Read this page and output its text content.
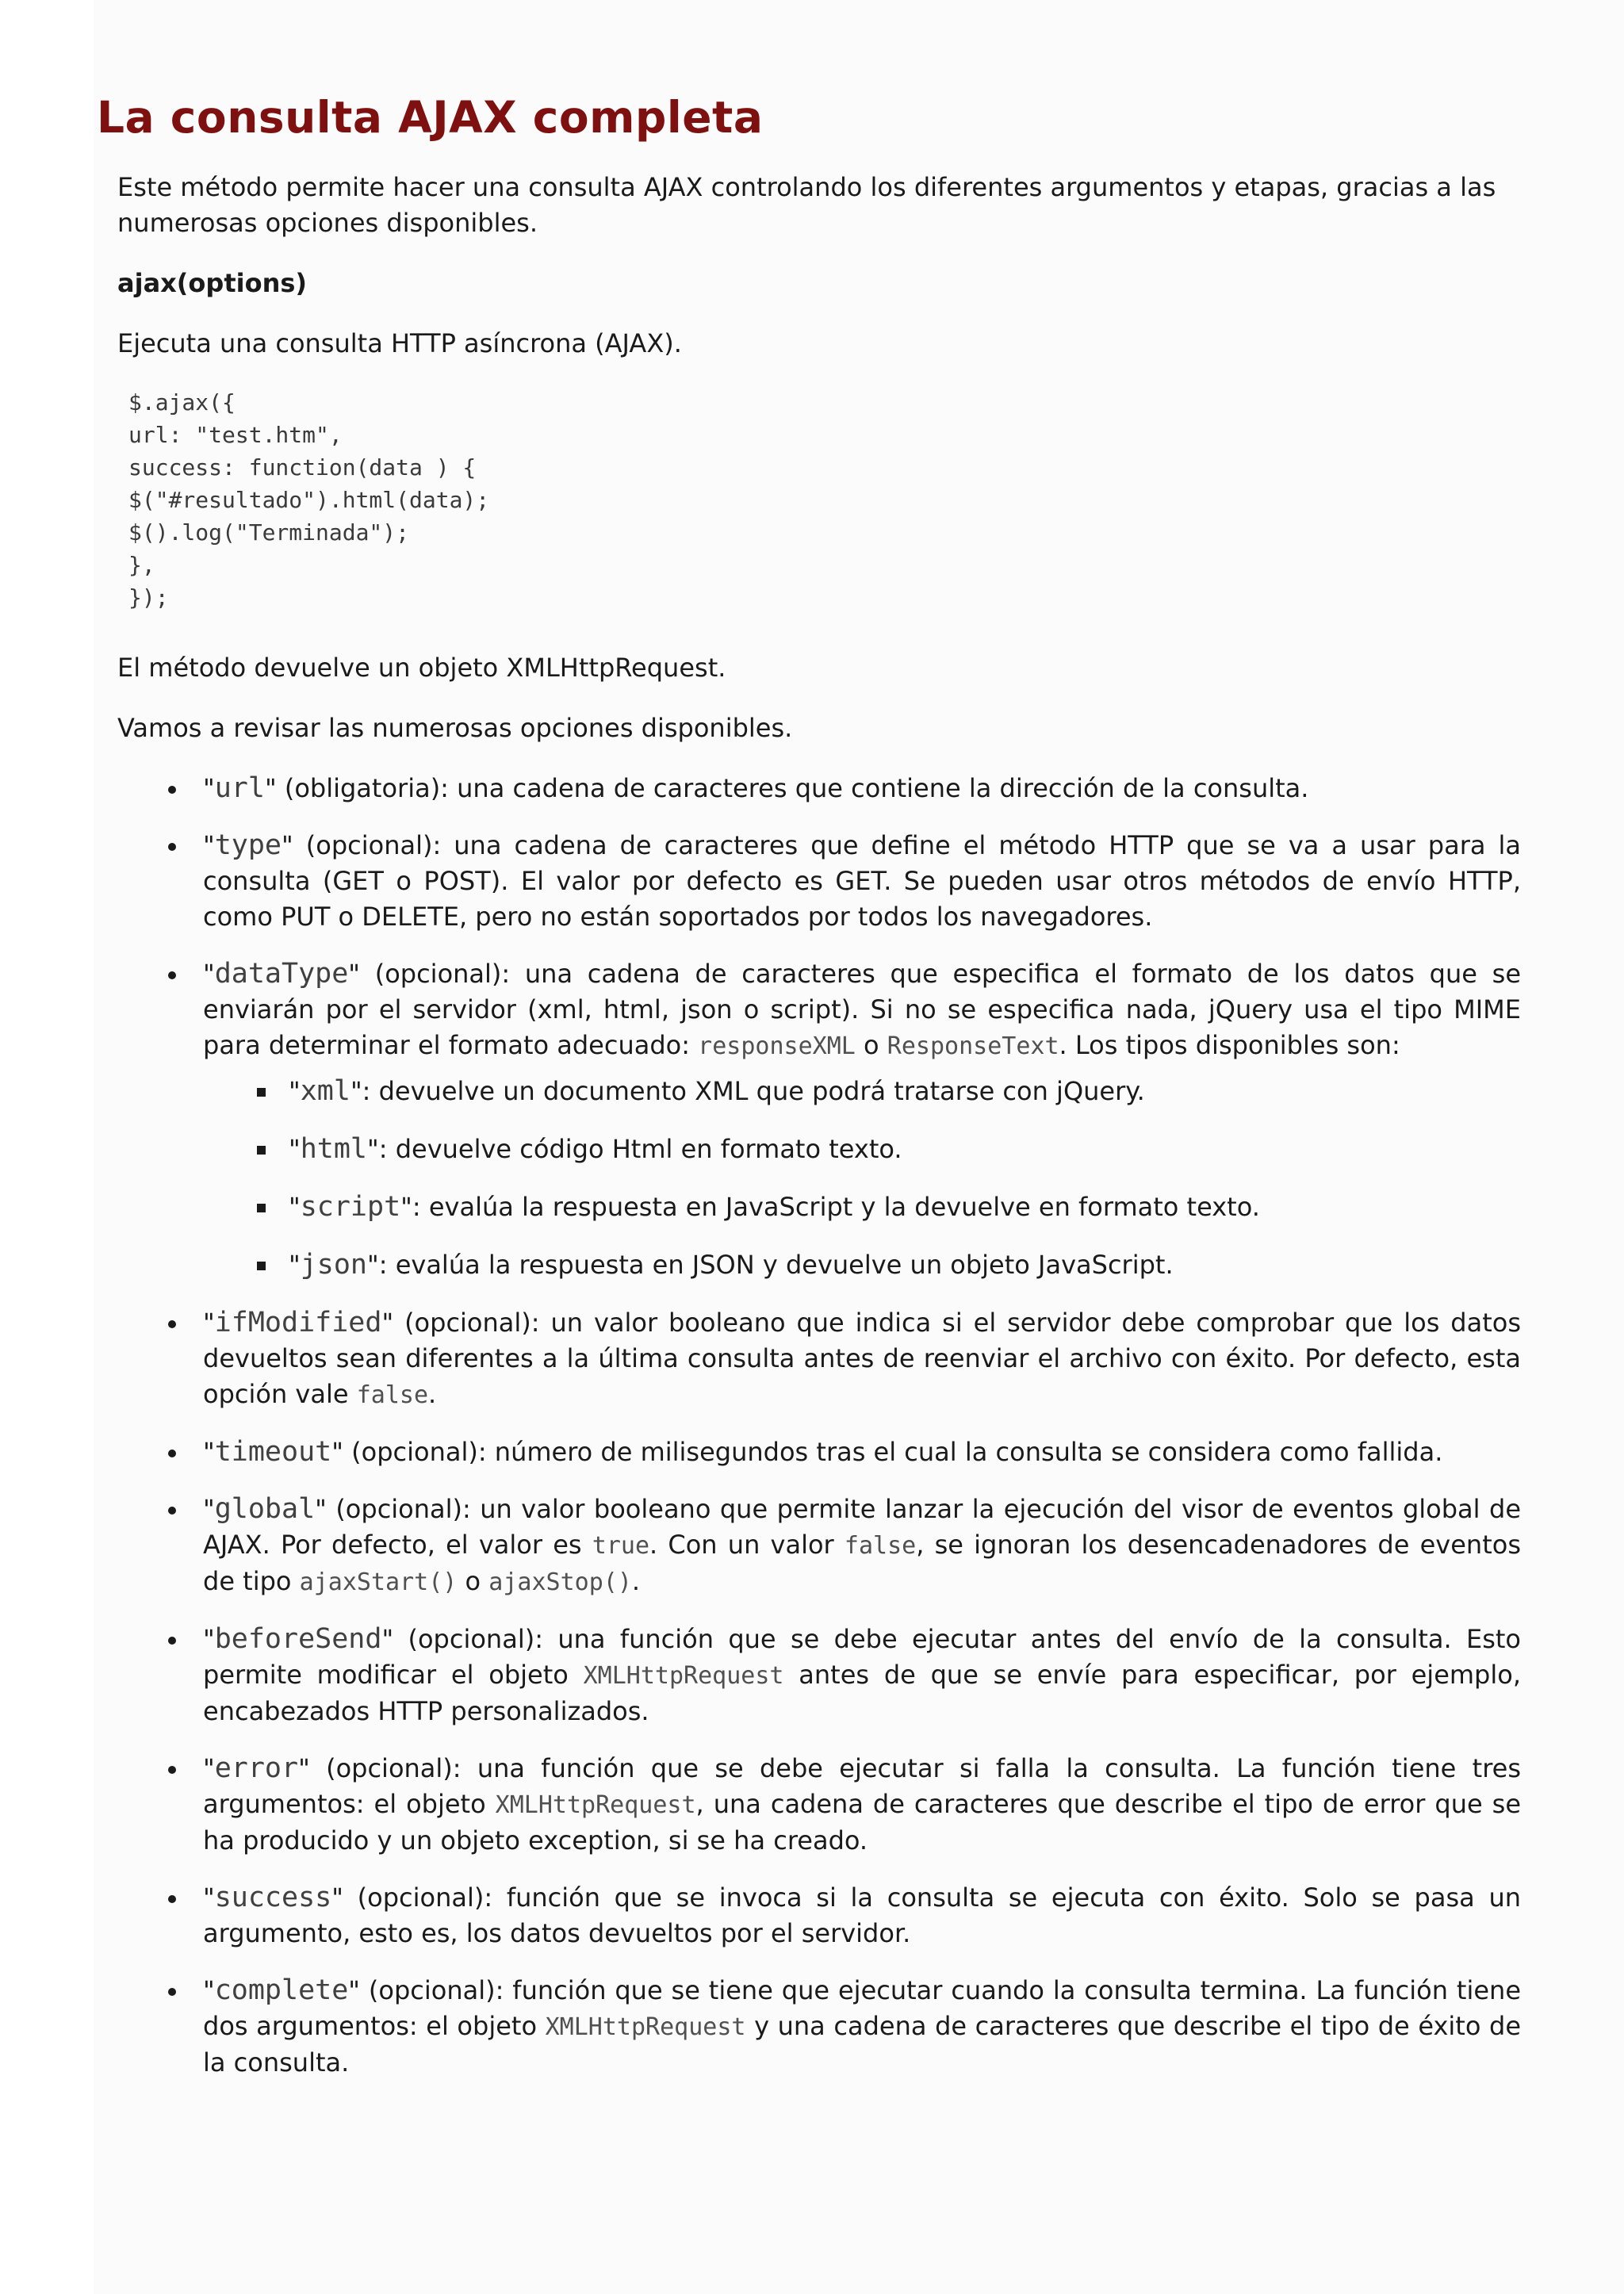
La consulta AJAX completa

Este método permite hacer una consulta AJAX controlando los diferentes argumentos y etapas, gracias a las numerosas opciones disponibles.

ajax(options)

Ejecuta una consulta HTTP asíncrona (AJAX).

$.ajax({
url: "test.htm",
success: function(data ) {
$("#resultado").html(data);
$().log("Terminada");
},
});

El método devuelve un objeto XMLHttpRequest.

Vamos a revisar las numerosas opciones disponibles.

"url" (obligatoria): una cadena de caracteres que contiene la dirección de la consulta.
"type" (opcional): una cadena de caracteres que define el método HTTP que se va a usar para la consulta (GET o POST). El valor por defecto es GET. Se pueden usar otros métodos de envío HTTP, como PUT o DELETE, pero no están soportados por todos los navegadores.
"dataType" (opcional): una cadena de caracteres que especifica el formato de los datos que se enviarán por el servidor (xml, html, json o script). Si no se especifica nada, jQuery usa el tipo MIME para determinar el formato adecuado: responseXML o ResponseText. Los tipos disponibles son:
"xml": devuelve un documento XML que podrá tratarse con jQuery.
"html": devuelve código Html en formato texto.
"script": evalúa la respuesta en JavaScript y la devuelve en formato texto.
"json": evalúa la respuesta en JSON y devuelve un objeto JavaScript.
"ifModified" (opcional): un valor booleano que indica si el servidor debe comprobar que los datos devueltos sean diferentes a la última consulta antes de reenviar el archivo con éxito. Por defecto, esta opción vale false.
"timeout" (opcional): número de milisegundos tras el cual la consulta se considera como fallida.
"global" (opcional): un valor booleano que permite lanzar la ejecución del visor de eventos global de AJAX. Por defecto, el valor es true. Con un valor false, se ignoran los desencadenadores de eventos de tipo ajaxStart() o ajaxStop().
"beforeSend" (opcional): una función que se debe ejecutar antes del envío de la consulta. Esto permite modificar el objeto XMLHttpRequest antes de que se envíe para especificar, por ejemplo, encabezados HTTP personalizados.
"error" (opcional): una función que se debe ejecutar si falla la consulta. La función tiene tres argumentos: el objeto XMLHttpRequest, una cadena de caracteres que describe el tipo de error que se ha producido y un objeto exception, si se ha creado.
"success" (opcional): función que se invoca si la consulta se ejecuta con éxito. Solo se pasa un argumento, esto es, los datos devueltos por el servidor.
"complete" (opcional): función que se tiene que ejecutar cuando la consulta termina. La función tiene dos argumentos: el objeto XMLHttpRequest y una cadena de caracteres que describe el tipo de éxito de la consulta.
